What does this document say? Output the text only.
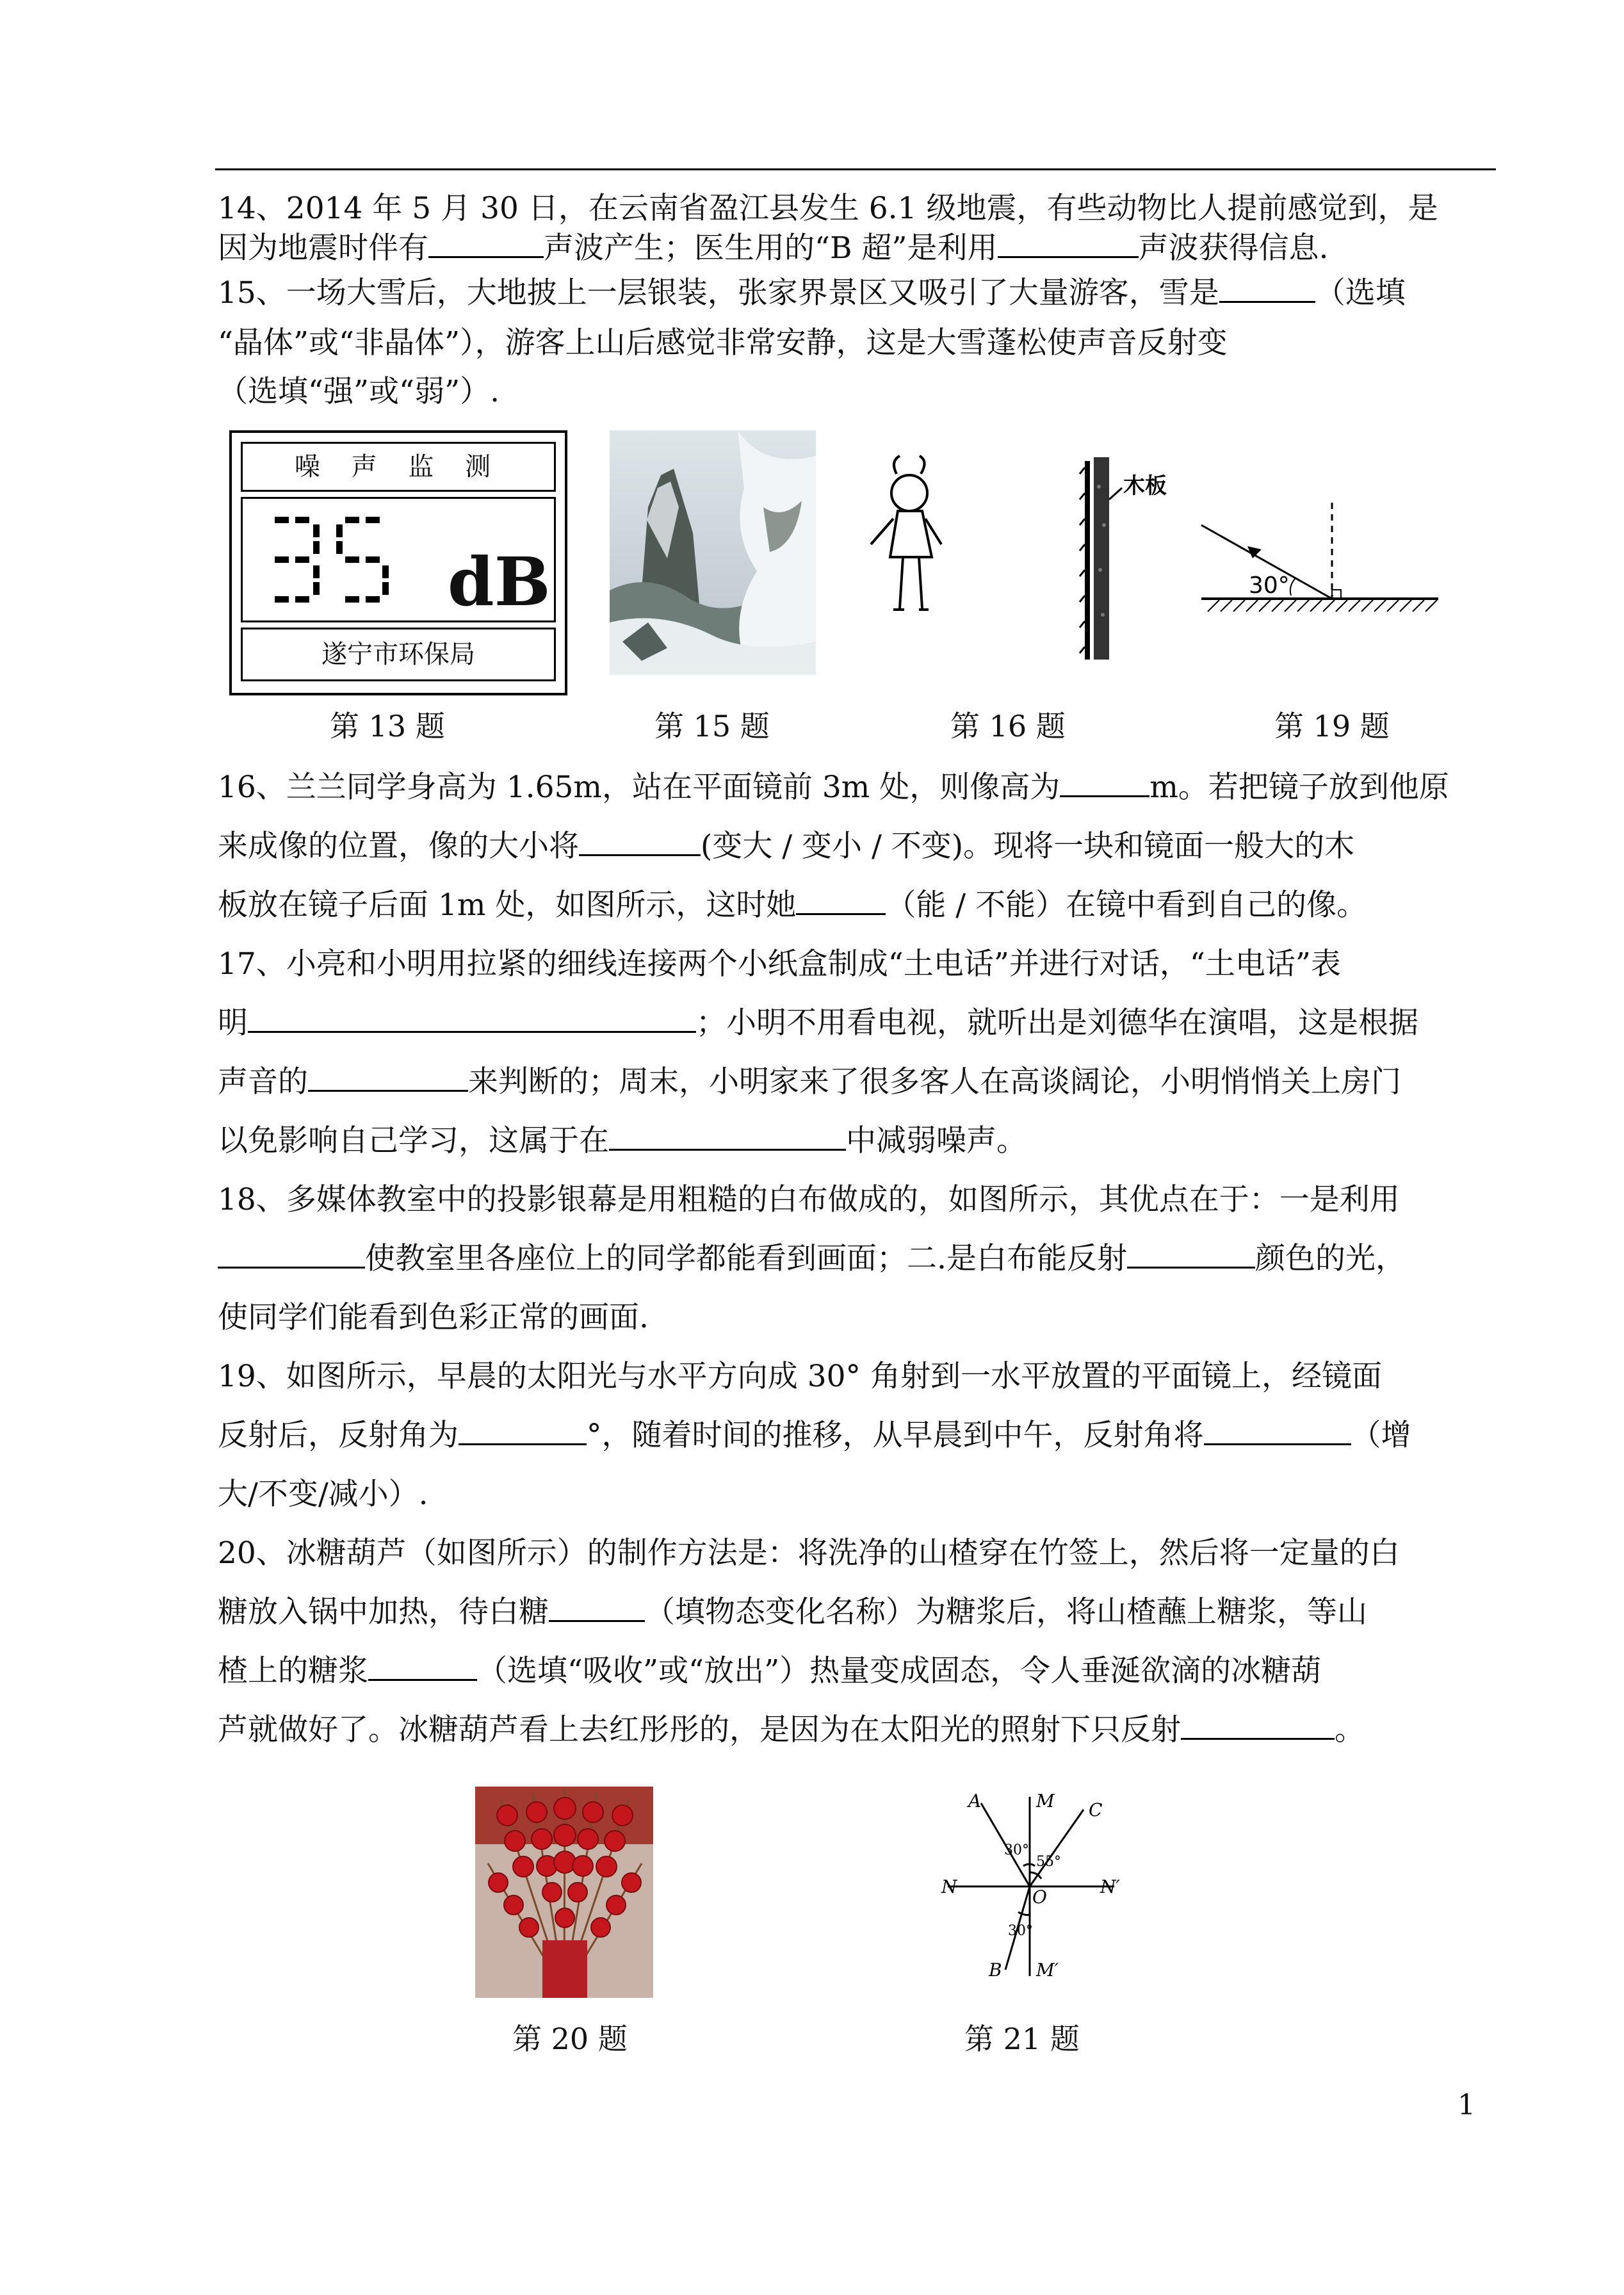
14、2014 年 5 月 30 日，在云南省盈江县发生 6.1 级地震，有些动物比人提前感觉到，是

因为地震时伴有	声波产生；医生用的“B 超”是利用	声波获得信息.

15、一场大雪后，大地披上一层银装，张家界景区又吸引了大量游客，雪是	（选填

“晶体”或“非晶体”），游客上山后感觉非常安静，这是大雪蓬松使声音反射变

（选填“强”或“弱”）.

噪 声 监 测
dB
遂宁市环保局
木板
30°
第 13 题	第 15 题	第 16 题	第 19 题

16、兰兰同学身高为 1.65m，站在平面镜前 3m 处，则像高为	m。若把镜子放到他原

来成像的位置，像的大小将	(变大 / 变小 / 不变)。现将一块和镜面一般大的木

板放在镜子后面 1m 处，如图所示，这时她	（能 / 不能）在镜中看到自己的像。

17、小亮和小明用拉紧的细线连接两个小纸盒制成“土电话”并进行对话，“土电话”表

明	；小明不用看电视，就听出是刘德华在演唱，这是根据

声音的	来判断的；周末，小明家来了很多客人在高谈阔论，小明悄悄关上房门

以免影响自己学习，这属于在	中减弱噪声。

18、多媒体教室中的投影银幕是用粗糙的白布做成的，如图所示，其优点在于：一是利用

使教室里各座位上的同学都能看到画面；二.是白布能反射	颜色的光，

使同学们能看到色彩正常的画面.

19、如图所示，早晨的太阳光与水平方向成 30° 角射到一水平放置的平面镜上，经镜面

反射后，反射角为	°，随着时间的推移，从早晨到中午，反射角将	（增

大/不变/减小）.

20、冰糖葫芦（如图所示）的制作方法是：将洗净的山楂穿在竹签上，然后将一定量的白

糖放入锅中加热，待白糖	（填物态变化名称）为糖浆后，将山楂蘸上糖浆，等山

楂上的糖浆	（选填“吸收”或“放出”）热量变成固态，令人垂涎欲滴的冰糖葫

芦就做好了。冰糖葫芦看上去红彤彤的，是因为在太阳光的照射下只反射	。

A	M C
N	O	N′
B M′
30°
55°
30°
第 20 题	第 21 题
1
